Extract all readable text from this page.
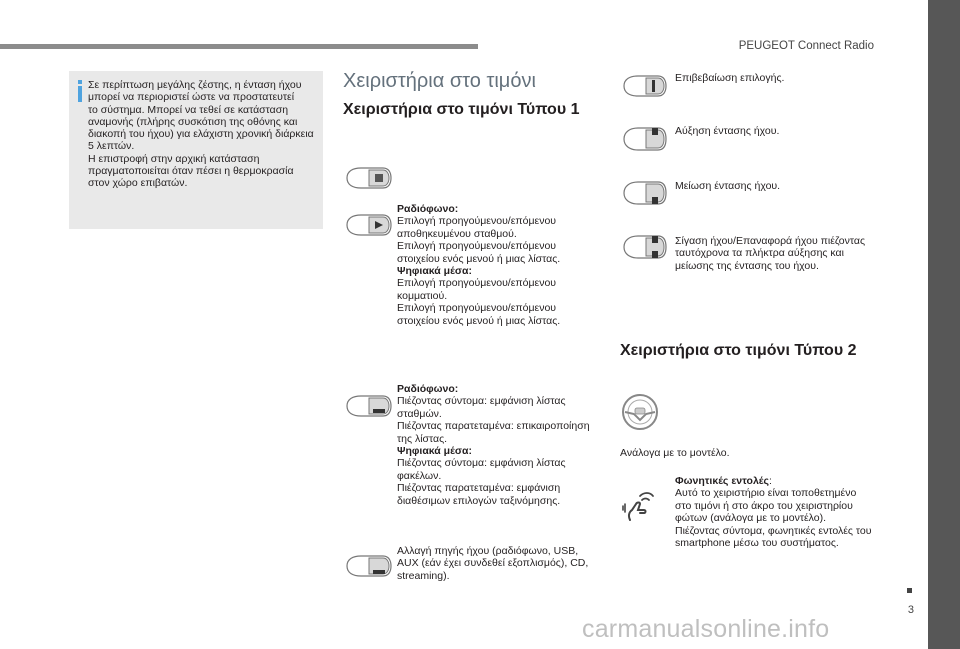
PEUGEOT Connect Radio
3
carmanualsonline.info
Σε περίπτωση μεγάλης ζέστης, η ένταση ήχου
μπορεί να περιοριστεί ώστε να προστατευτεί
το σύστημα. Μπορεί να τεθεί σε κατάσταση
αναμονής (πλήρης συσκότιση της οθόνης και
διακοπή του ήχου) για ελάχιστη χρονική διάρκεια
5 λεπτών.
Η επιστροφή στην αρχική κατάσταση
πραγματοποιείται όταν πέσει η θερμοκρασία
στον χώρο επιβατών.
Χειριστήρια στο τιμόνι
Χειριστήρια στο τιμόνι Τύπου 1
Χειριστήρια στο τιμόνι Τύπου 2
Ραδιόφωνο:
Επιλογή προηγούμενου/επόμενου
αποθηκευμένου σταθμού.
Επιλογή προηγούμενου/επόμενου
στοιχείου ενός μενού ή μιας λίστας.
Ψηφιακά μέσα:
Επιλογή προηγούμενου/επόμενου
κομματιού.
Επιλογή προηγούμενου/επόμενου
στοιχείου ενός μενού ή μιας λίστας.
Ραδιόφωνο:
Πιέζοντας σύντομα: εμφάνιση λίστας
σταθμών.
Πιέζοντας παρατεταμένα: επικαιροποίηση
της λίστας.
Ψηφιακά μέσα:
Πιέζοντας σύντομα: εμφάνιση λίστας
φακέλων.
Πιέζοντας παρατεταμένα: εμφάνιση
διαθέσιμων επιλογών ταξινόμησης.
Αλλαγή πηγής ήχου (ραδιόφωνο, USB,
AUX (εάν έχει συνδεθεί εξοπλισμός), CD,
streaming).
Επιβεβαίωση επιλογής.
Αύξηση έντασης ήχου.
Μείωση έντασης ήχου.
Σίγαση ήχου/Επαναφορά ήχου πιέζοντας
ταυτόχρονα τα πλήκτρα αύξησης και
μείωσης της έντασης του ήχου.
Ανάλογα με το μοντέλο.
Φωνητικές εντολές:
Αυτό το χειριστήριο είναι τοποθετημένο
στο τιμόνι ή στο άκρο του χειριστηρίου
φώτων (ανάλογα με το μοντέλο).
Πιέζοντας σύντομα, φωνητικές εντολές του
smartphone μέσω του συστήματος.
